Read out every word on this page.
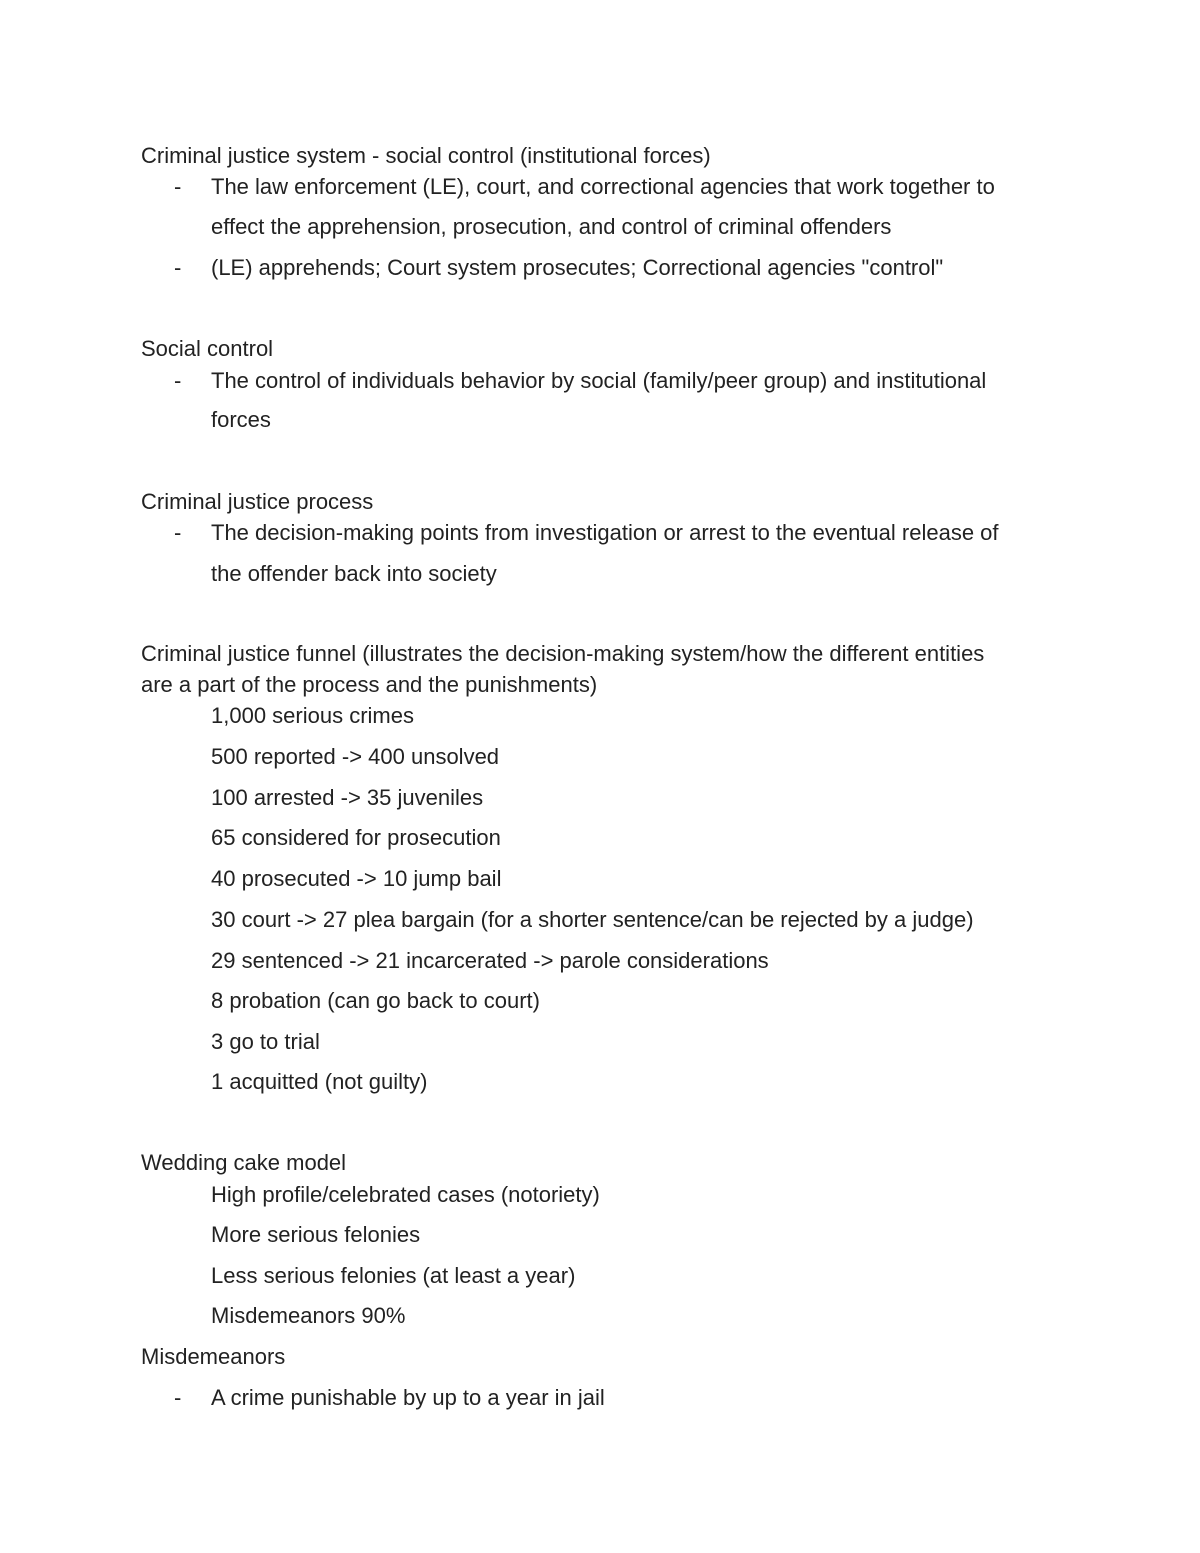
Criminal justice system - social control (institutional forces)
- The law enforcement (LE), court, and correctional agencies that work together to
effect the apprehension, prosecution, and control of criminal offenders
- (LE) apprehends; Court system prosecutes; Correctional agencies "control"
Social control
- The control of individuals behavior by social (family/peer group) and institutional
forces
Criminal justice process
- The decision-making points from investigation or arrest to the eventual release of
the offender back into society
Criminal justice funnel (illustrates the decision-making system/how the different entities
are a part of the process and the punishments)
1,000 serious crimes
500 reported -> 400 unsolved
100 arrested -> 35 juveniles
65 considered for prosecution
40 prosecuted -> 10 jump bail
30 court -> 27 plea bargain (for a shorter sentence/can be rejected by a judge)
29 sentenced -> 21 incarcerated -> parole considerations
8 probation (can go back to court)
3 go to trial
1 acquitted (not guilty)
Wedding cake model
High profile/celebrated cases (notoriety)
More serious felonies
Less serious felonies (at least a year)
Misdemeanors 90%
Misdemeanors
- A crime punishable by up to a year in jail
